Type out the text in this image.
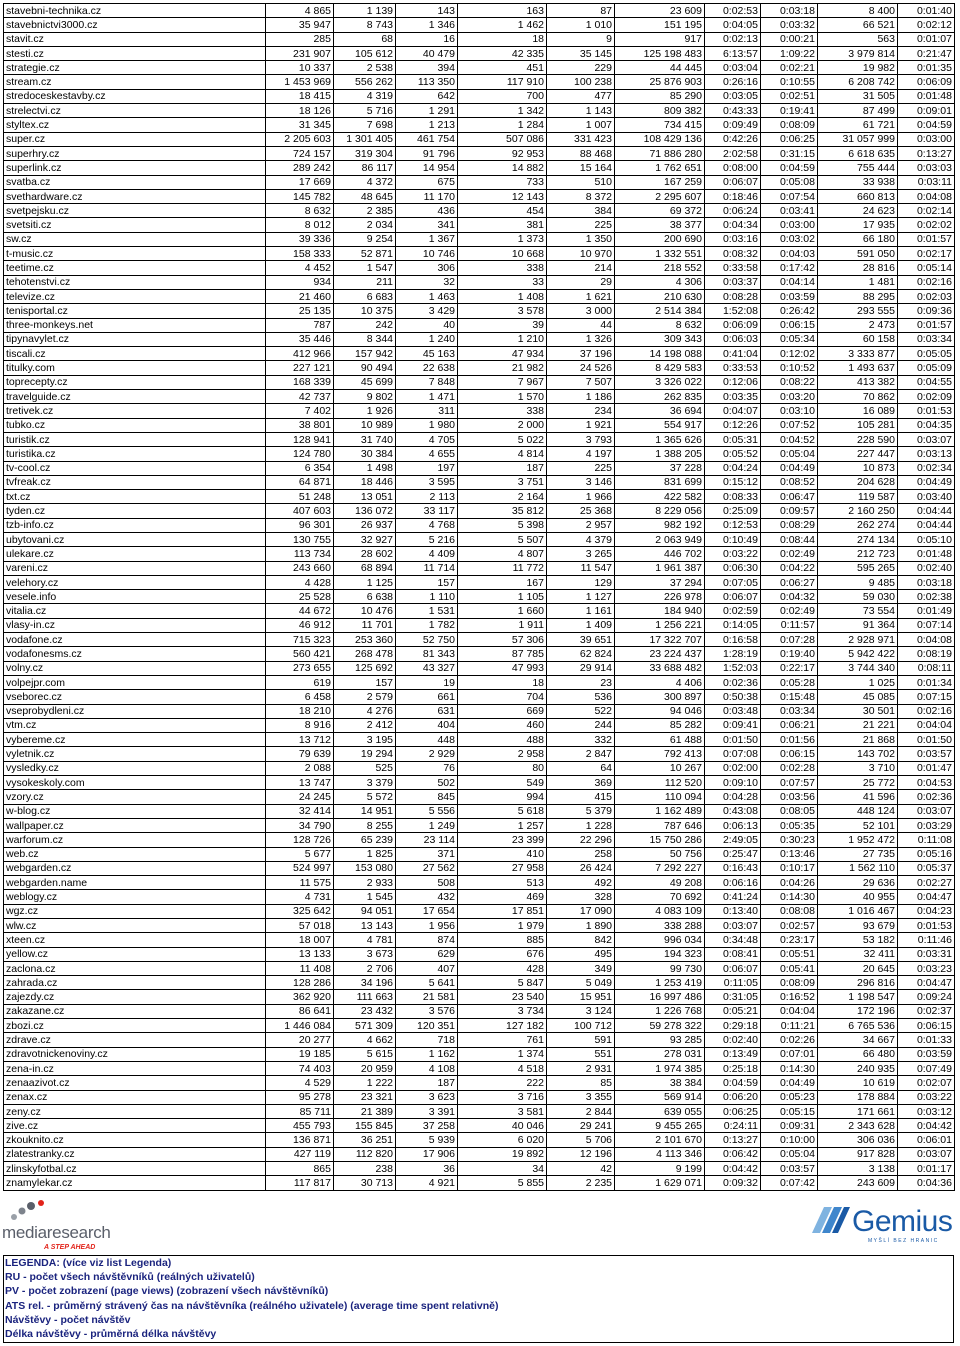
stavebni-technika.cz	4 865	1 139	143	163	87	23 609	0:02:53	0:03:18	8 400	0:01:40
stavebnictvi3000.cz	35 947	8 743	1 346	1 462	1 010	151 195	0:04:05	0:03:32	66 521	0:02:12
stavit.cz	285	68	16	18	9	917	0:02:13	0:00:21	563	0:01:07
stesti.cz	231 907	105 612	40 479	42 335	35 145	125 198 483	6:13:57	1:09:22	3 979 814	0:21:47
strategie.cz	10 337	2 538	394	451	229	44 445	0:03:04	0:02:21	19 982	0:01:35
stream.cz	1 453 969	556 262	113 350	117 910	100 238	25 876 903	0:26:16	0:10:55	6 208 742	0:06:09
stredoceskestavby.cz	18 415	4 319	642	700	477	85 290	0:03:05	0:02:51	31 505	0:01:48
strelectvi.cz	18 126	5 716	1 291	1 342	1 143	809 382	0:43:33	0:19:41	87 499	0:09:01
styltex.cz	31 345	7 698	1 213	1 284	1 007	734 415	0:09:49	0:08:09	61 721	0:04:59
super.cz	2 205 603	1 301 405	461 754	507 086	331 423	108 429 136	0:42:26	0:06:25	31 057 999	0:03:00
superhry.cz	724 157	319 304	91 796	92 953	88 468	71 886 280	2:02:58	0:31:15	6 618 635	0:13:27
superlink.cz	289 242	86 117	14 954	14 882	15 164	1 762 651	0:08:00	0:04:59	755 444	0:03:03
svatba.cz	17 669	4 372	675	733	510	167 259	0:06:07	0:05:08	33 938	0:03:11
svethardware.cz	145 782	48 645	11 170	12 143	8 372	2 295 607	0:18:46	0:07:54	660 813	0:04:08
svetpejsku.cz	8 632	2 385	436	454	384	69 372	0:06:24	0:03:41	24 623	0:02:14
svetsiti.cz	8 012	2 034	341	381	225	38 377	0:04:34	0:03:00	17 935	0:02:02
sw.cz	39 336	9 254	1 367	1 373	1 350	200 690	0:03:16	0:03:02	66 180	0:01:57
t-music.cz	158 333	52 871	10 746	10 668	10 970	1 332 551	0:08:32	0:04:03	591 050	0:02:17
teetime.cz	4 452	1 547	306	338	214	218 552	0:33:58	0:17:42	28 816	0:05:14
tehotenstvi.cz	934	211	32	33	29	4 306	0:03:37	0:04:14	1 481	0:02:16
televize.cz	21 460	6 683	1 463	1 408	1 621	210 630	0:08:28	0:03:59	88 295	0:02:03
tenisportal.cz	25 135	10 375	3 429	3 578	3 000	2 514 384	1:52:08	0:26:42	293 555	0:09:36
three-monkeys.net	787	242	40	39	44	8 632	0:06:09	0:06:15	2 473	0:01:57
tipynavylet.cz	35 446	8 344	1 240	1 210	1 326	309 343	0:06:03	0:05:34	60 158	0:03:34
tiscali.cz	412 966	157 942	45 163	47 934	37 196	14 198 088	0:41:04	0:12:02	3 333 877	0:05:05
titulky.com	227 121	90 494	22 638	21 982	24 526	8 429 583	0:33:53	0:10:52	1 493 637	0:05:09
toprecepty.cz	168 339	45 699	7 848	7 967	7 507	3 326 022	0:12:06	0:08:22	413 382	0:04:55
travelguide.cz	42 737	9 802	1 471	1 570	1 186	262 835	0:03:35	0:03:20	70 862	0:02:09
tretivek.cz	7 402	1 926	311	338	234	36 694	0:04:07	0:03:10	16 089	0:01:53
tubko.cz	38 801	10 989	1 980	2 000	1 921	554 917	0:12:26	0:07:52	105 281	0:04:35
turistik.cz	128 941	31 740	4 705	5 022	3 793	1 365 626	0:05:31	0:04:52	228 590	0:03:07
turistika.cz	124 780	30 384	4 655	4 814	4 197	1 388 205	0:05:52	0:05:04	227 447	0:03:13
tv-cool.cz	6 354	1 498	197	187	225	37 228	0:04:24	0:04:49	10 873	0:02:34
tvfreak.cz	64 871	18 446	3 595	3 751	3 146	831 699	0:15:12	0:08:52	204 628	0:04:49
txt.cz	51 248	13 051	2 113	2 164	1 966	422 582	0:08:33	0:06:47	119 587	0:03:40
tyden.cz	407 603	136 072	33 117	35 812	25 368	8 229 056	0:25:09	0:09:57	2 160 250	0:04:44
tzb-info.cz	96 301	26 937	4 768	5 398	2 957	982 192	0:12:53	0:08:29	262 274	0:04:44
ubytovani.cz	130 755	32 927	5 216	5 507	4 379	2 063 949	0:10:49	0:08:44	274 134	0:05:10
ulekare.cz	113 734	28 602	4 409	4 807	3 265	446 702	0:03:22	0:02:49	212 723	0:01:48
vareni.cz	243 660	68 894	11 714	11 772	11 547	1 961 387	0:06:30	0:04:22	595 265	0:02:40
velehory.cz	4 428	1 125	157	167	129	37 294	0:07:05	0:06:27	9 485	0:03:18
vesele.info	25 528	6 638	1 110	1 105	1 127	226 978	0:06:07	0:04:32	59 030	0:02:38
vitalia.cz	44 672	10 476	1 531	1 660	1 161	184 940	0:02:59	0:02:49	73 554	0:01:49
vlasy-in.cz	46 912	11 701	1 782	1 911	1 409	1 256 221	0:14:05	0:11:57	91 364	0:07:14
vodafone.cz	715 323	253 360	52 750	57 306	39 651	17 322 707	0:16:58	0:07:28	2 928 971	0:04:08
vodafonesms.cz	560 421	268 478	81 343	87 785	62 824	23 224 437	1:28:19	0:19:40	5 942 422	0:08:19
volny.cz	273 655	125 692	43 327	47 993	29 914	33 688 482	1:52:03	0:22:17	3 744 340	0:08:11
volpejpr.com	619	157	19	18	23	4 406	0:02:36	0:05:28	1 025	0:01:34
vseborec.cz	6 458	2 579	661	704	536	300 897	0:50:38	0:15:48	45 085	0:07:15
vseprobydleni.cz	18 210	4 276	631	669	522	94 046	0:03:48	0:03:34	30 501	0:02:16
vtm.cz	8 916	2 412	404	460	244	85 282	0:09:41	0:06:21	21 221	0:04:04
vybereme.cz	13 712	3 195	448	488	332	61 488	0:01:50	0:01:56	21 868	0:01:50
vyletnik.cz	79 639	19 294	2 929	2 958	2 847	792 413	0:07:08	0:06:15	143 702	0:03:57
vysledky.cz	2 088	525	76	80	64	10 267	0:02:00	0:02:28	3 710	0:01:47
vysokeskoly.com	13 747	3 379	502	549	369	112 520	0:09:10	0:07:57	25 772	0:04:53
vzory.cz	24 245	5 572	845	994	415	110 094	0:04:28	0:03:56	41 596	0:02:36
w-blog.cz	32 414	14 951	5 556	5 618	5 379	1 162 489	0:43:08	0:08:05	448 124	0:03:07
wallpaper.cz	34 790	8 255	1 249	1 257	1 228	787 646	0:06:13	0:05:35	52 101	0:03:29
warforum.cz	128 726	65 239	23 114	23 399	22 296	15 750 286	2:49:05	0:30:23	1 952 472	0:11:08
web.cz	5 677	1 825	371	410	258	50 756	0:25:47	0:13:46	27 735	0:05:16
webgarden.cz	524 997	153 080	27 562	27 958	26 424	7 292 227	0:16:43	0:10:17	1 562 110	0:05:37
webgarden.name	11 575	2 933	508	513	492	49 208	0:06:16	0:04:26	29 636	0:02:27
weblogy.cz	4 731	1 545	432	469	328	70 692	0:41:24	0:14:30	40 955	0:04:47
wgz.cz	325 642	94 051	17 654	17 851	17 090	4 083 109	0:13:40	0:08:08	1 016 467	0:04:23
wlw.cz	57 018	13 143	1 956	1 979	1 890	338 288	0:03:07	0:02:57	93 679	0:01:53
xteen.cz	18 007	4 781	874	885	842	996 034	0:34:48	0:23:17	53 182	0:11:46
yellow.cz	13 133	3 673	629	676	495	194 323	0:08:41	0:05:51	32 411	0:03:31
zaclona.cz	11 408	2 706	407	428	349	99 730	0:06:07	0:05:41	20 645	0:03:23
zahrada.cz	128 286	34 196	5 641	5 847	5 049	1 253 419	0:11:05	0:08:09	296 816	0:04:47
zajezdy.cz	362 920	111 663	21 581	23 540	15 951	16 997 486	0:31:05	0:16:52	1 198 547	0:09:24
zakazane.cz	86 641	23 432	3 576	3 734	3 124	1 226 768	0:05:21	0:04:04	172 196	0:02:37
zbozi.cz	1 446 084	571 309	120 351	127 182	100 712	59 278 322	0:29:18	0:11:21	6 765 536	0:06:15
zdrave.cz	20 277	4 662	718	761	591	93 285	0:02:40	0:02:26	34 667	0:01:33
zdravotnickenoviny.cz	19 185	5 615	1 162	1 374	551	278 031	0:13:49	0:07:01	66 480	0:03:59
zena-in.cz	74 403	20 959	4 108	4 518	2 931	1 974 385	0:25:18	0:14:30	240 935	0:07:49
zenaazivot.cz	4 529	1 222	187	222	85	38 384	0:04:59	0:04:49	10 619	0:02:07
zenax.cz	95 278	23 321	3 623	3 716	3 355	569 914	0:06:20	0:05:23	178 884	0:03:22
zeny.cz	85 711	21 389	3 391	3 581	2 844	639 055	0:06:25	0:05:15	171 661	0:03:12
zive.cz	455 793	155 845	37 258	40 046	29 241	9 455 265	0:24:11	0:09:31	2 343 628	0:04:42
zkouknito.cz	136 871	36 251	5 939	6 020	5 706	2 101 670	0:13:27	0:10:00	306 036	0:06:01
zlatestranky.cz	427 119	112 820	17 906	19 892	12 196	4 113 346	0:06:42	0:05:04	917 828	0:03:07
zlinskyfotbal.cz	865	238	36	34	42	9 199	0:04:42	0:03:57	3 138	0:01:17
znamylekar.cz	117 817	30 713	4 921	5 855	2 235	1 629 071	0:09:32	0:07:42	243 609	0:04:36
mediaresearch
A STEP AHEAD
Gemius
MYŠLÍ BEZ HRANIC
LEGENDA: (více viz list Legenda)
RU - počet všech návštěvníků (reálných uživatelů)
PV - počet zobrazení (page views) (zobrazení všech návštěvníků)
ATS rel. - průměrný strávený čas na návštěvníka (reálného uživatele) (average time spent relativně)
Návštěvy - počet návštěv
Délka návštěvy - průměrná délka návštěvy
